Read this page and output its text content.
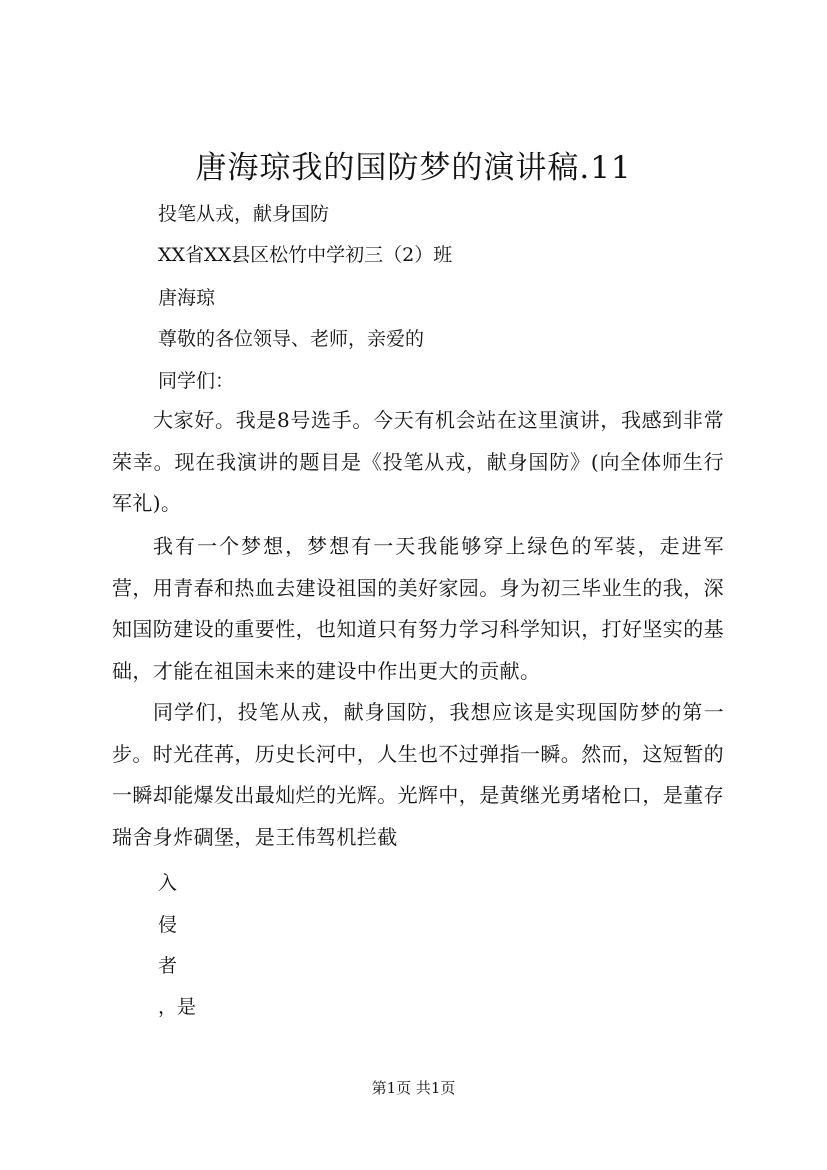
唐海琼我的国防梦的演讲稿.11
投笔从戎，献身国防
XX省XX县区松竹中学初三（2）班
唐海琼
尊敬的各位领导、老师，亲爱的
同学们：

大家好。我是8号选手。今天有机会站在这里演讲，我感到非常荣幸。现在我演讲的题目是《投笔从戎，献身国防》(向全体师生行军礼)。

我有一个梦想，梦想有一天我能够穿上绿色的军装，走进军营，用青春和热血去建设祖国的美好家园。身为初三毕业生的我，深知国防建设的重要性，也知道只有努力学习科学知识，打好坚实的基础，才能在祖国未来的建设中作出更大的贡献。

同学们，投笔从戎，献身国防，我想应该是实现国防梦的第一步。时光荏苒，历史长河中，人生也不过弹指一瞬。然而，这短暂的一瞬却能爆发出最灿烂的光辉。光辉中，是黄继光勇堵枪口，是董存瑞舍身炸碉堡，是王伟驾机拦截

入
侵
者
，是
第1页 共1页
